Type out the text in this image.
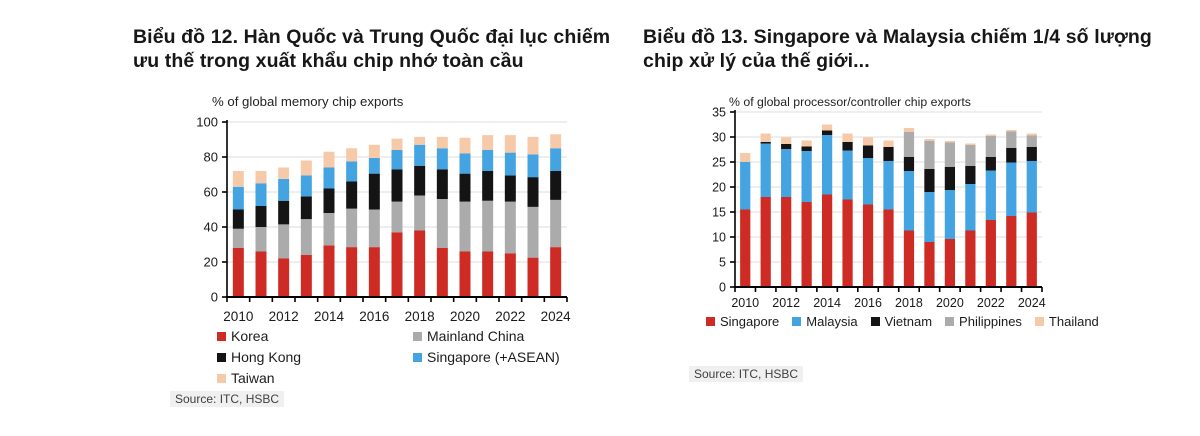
Biểu đồ 12. Hàn Quốc và Trung Quốc đại lục chiếm ưu thế trong xuất khẩu chip nhớ toàn cầu
Biểu đồ 13. Singapore và Malaysia chiếm 1/4 số lượng chip xử lý của thế giới...
0
20
40
60
80
100
2010 2012 2014 2016 2018 2020 2022 2024
% of global memory chip exports
0
5
10
15
20
25
30
35
2010 2012 2014 2016 2018 2020 2022 2024
% of global processor/controller chip exports
Korea	Mainland China
Hong Kong	Singapore (+ASEAN)
Taiwan
Singapore Malaysia Vietnam Philippines Thailand
Source: ITC, HSBC
Source: ITC, HSBC
